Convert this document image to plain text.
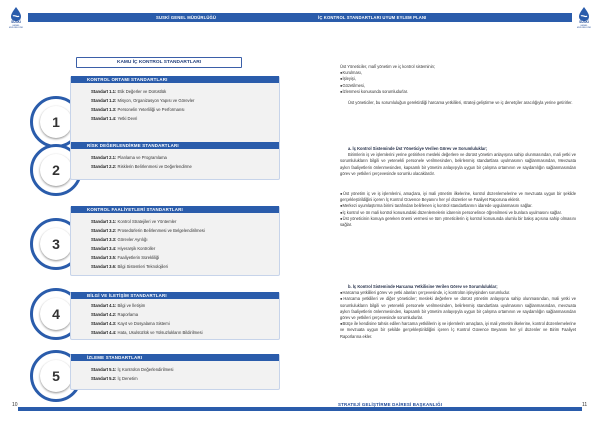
SUSKİ
GENEL MÜDÜRLÜĞÜ
SUSKİ GENEL MÜDÜRLÜĞÜ
KAMU İÇ KONTROL STANDARTLARI
1
KONTROL ORTAMI STANDARTLARI
Standart 1.1: Etik Değerler ve Dürüstlük
Standart 1.2: Misyon, Organizasyon Yapısı ve Görevler
Standart 1.3: Personelin Yeterliliği ve Performansı
Standart 1.4: Yetki Devri
2
RİSK DEĞERLENDİRME STANDARTLARI
Standart 2.1: Planlama ve Programlama
Standart 2.2: Risklerin Belirlenmesi ve Değerlendirme
3
KONTROL FAALİYETLERİ STANDARTLARI
Standart 3.1: Kontrol Stratejileri ve Yöntemler
Standart 3.2: Prosedürlerin Belirlenmesi ve Belgelendirilmesi
Standart 3.3: Görevler Ayrılığı
Standart 3.4: Hiyerarşik Kontroller
Standart 3.5: Faaliyetlerin Sürekliliği
Standart 3.6: Bilgi Sistemleri Teknolojileri
4
BİLGİ VE İLETİŞİM STANDARTLARI
Standart 4.1: Bilgi ve İletişim
Standart 4.2: Raporlama
Standart 4.3: Kayıt ve Dosyalama Sistemi
Standart 4.4: Hata, Usulsüzlük ve Yolsuzlukların Bildirilmesi
5
İZLEME STANDARTLARI
Standart 5.1: İç Kontrolün Değerlendirilmesi
Standart 5.2: İç Denetim
10
İÇ KONTROL STANDARTLARI UYUM EYLEM PLANI
SUSKİ
GENEL MÜDÜRLÜĞÜ

Üst Yöneticiler, malî yönetim ve iç kontrol sisteminin;

●Kurulması,
●İşleyişi,
●Gözetilmesi,
●İzlenmesi konusunda sorumludurlar.

Üst yöneticiler, bu sorumluluğun gerektirdiği harcama yetkilileri, strateji geliştirme ve iç denetçiler aracılığıyla yerine getirirler.

a. İç Kontrol Sisteminde Üst Yöneticiye Verilen Görev ve Sorumluluklar;

Birimlerin iş ve işlemlerini yerine getirirken mesleki değerlere ve dürüst yönetim anlayışına sahip olunmasından, mali yetki ve sorumlulukların bilgili ve yetenekli personele verilmesinden, belirlenmiş standartlara uyulmasının sağlanmasından, Mevzuata aykırı faaliyetlerin önlenmesinden, kapsamlı bir yönetim anlayışıyla uygun bir çalışma ortamının ve saydamlığın sağlanmasından görev ve yetkileri çerçevesinde sorumlu olacaklardır.

●Üst yönetim iç ve iş işlemlerini, amaçlara, iyi mali yönetim ilkelerine, kontrol düzenlemelerine ve mevzuata uygun bir şekilde gerçekleştirildiğini içeren İç Kontrol Güvence Beyanını her yıl düzenler ve Faaliyet Raporuna ekletir.
●Merkezi uyumlaştırma birimi tarafından belirlenen iç kontrol standartlarının idarede uygulanmasını sağlar.
●İç kontrol ve ön mali kontrol konusundaki düzenlemelerin idarenin personelince öğrenilmesi ve bunlara uyulmasını sağlar.
●Üst yöneticinin konuya gereken önemi vermesi ve tüm yöneticilerin iç kontrol konusunda olumlu bir bakış açısına sahip olmasını sağlar.

b. İç Kontrol Sisteminde Harcama Yetkilisine Verilen Görev ve Sorumluluklar;

●Harcama yetkilileri görev ve yetki alanları çerçevesinde, iç kontrolün işleyişinden sorumludur.
●Harcama yetkilileri ve diğer yöneticiler; mesleki değerlere ve dürüst yönetim anlayışına sahip olunmasından, mali yetki ve sorumlulukların bilgili ve yetenekli personele verilmesinden, belirlenmiş standartlara uyulmasının sağlanmasından, mevzuata aykırı faaliyetlerin önlenmesinden, kapsamlı bir yönetim anlayışıyla uygun bir çalışma ortamının ve saydamlığın sağlanmasından görev ve yetkileri çerçevesinde sorumludurlar.
●Bütçe ile kendisine tahsis edilen harcama yetkililerin iş ve işlemlerin amaçlara, iyi mali yönetim ilkelerine, kontrol düzenlemelerine ve mevzuata uygun bir şekilde gerçekleştirildiğini içeren İç Kontrol Güvence Beyanını her yıl düzenler ve Birim Faaliyet Raporlarına ekler.
STRATEJİ GELİŞTİRME DAİRESİ BAŞKANLIĞI	11
